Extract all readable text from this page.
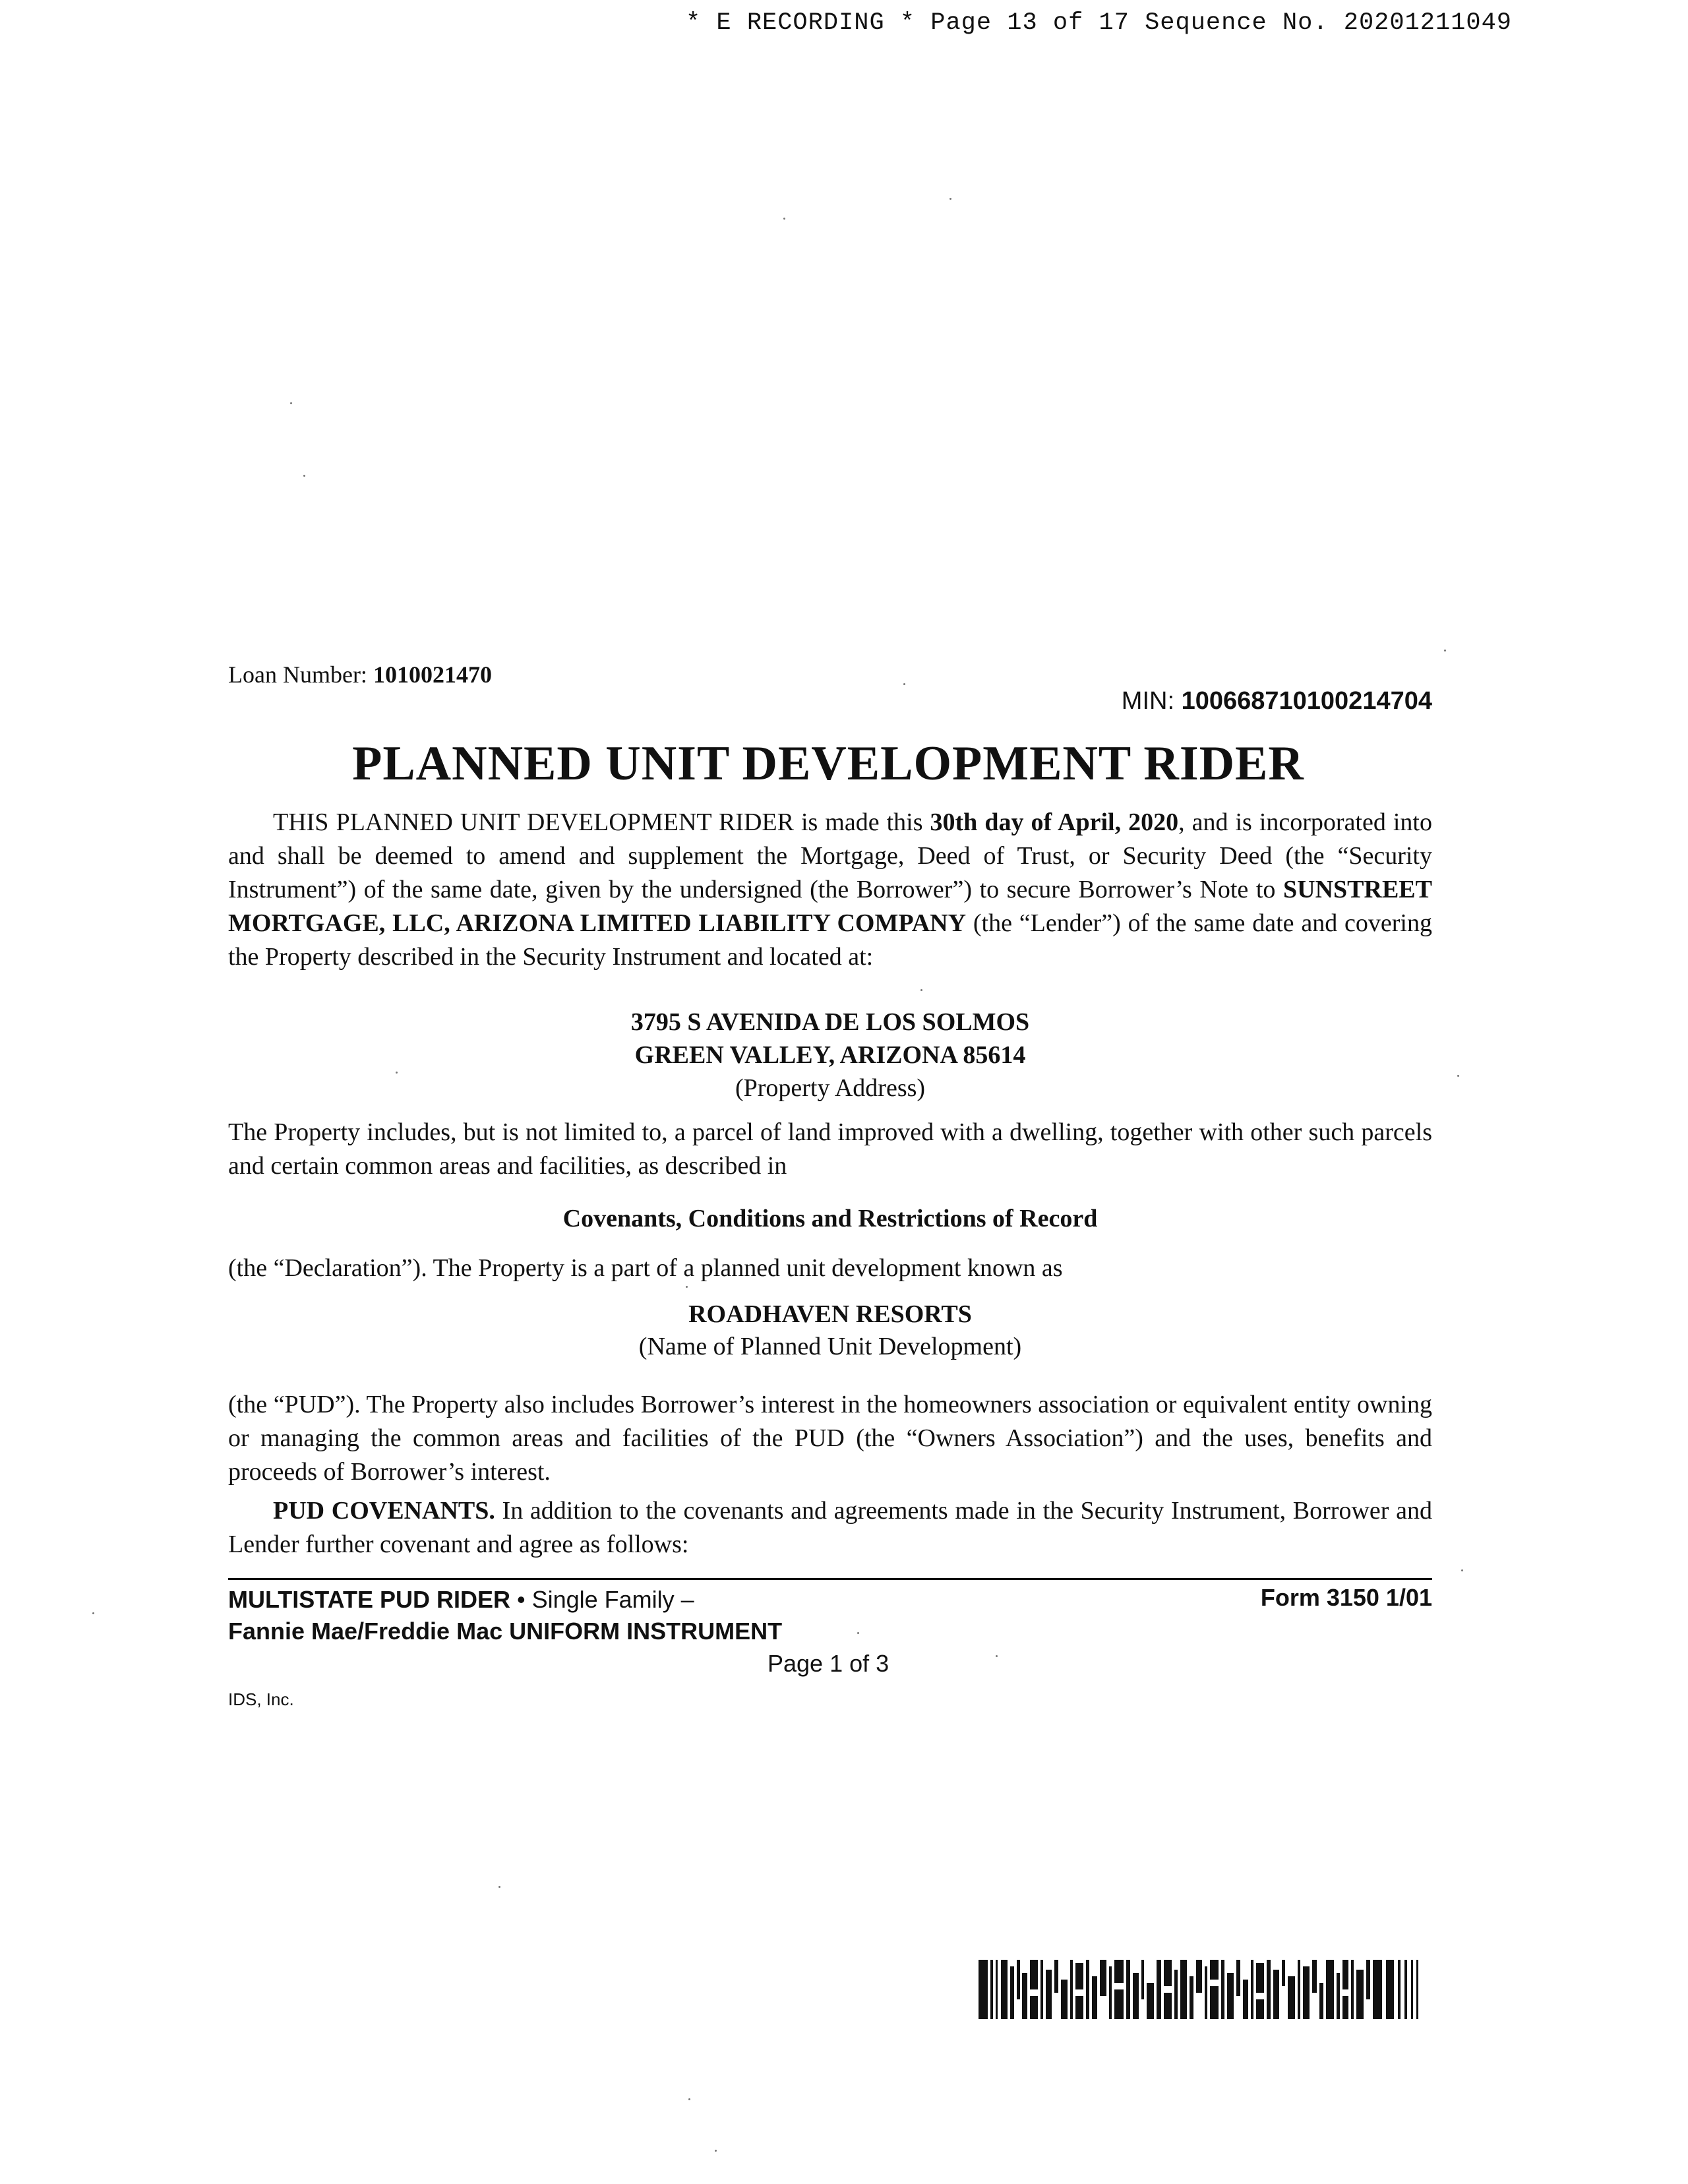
* E RECORDING * Page 13 of 17 Sequence No. 20201211049
Loan Number: 1010021470
MIN: 100668710100214704
PLANNED UNIT DEVELOPMENT RIDER
THIS PLANNED UNIT DEVELOPMENT RIDER is made this 30th day of April, 2020, and is incorporated into and shall be deemed to amend and supplement the Mortgage, Deed of Trust, or Security Deed (the “Security Instrument”) of the same date, given by the undersigned (the Borrower”) to secure Borrower’s Note to SUNSTREET MORTGAGE, LLC, ARIZONA LIMITED LIABILITY COMPANY (the “Lender”) of the same date and covering the Property described in the Security Instrument and located at:
3795 S AVENIDA DE LOS SOLMOS
GREEN VALLEY, ARIZONA 85614
(Property Address)
The Property includes, but is not limited to, a parcel of land improved with a dwelling, together with other such parcels and certain common areas and facilities, as described in
Covenants, Conditions and Restrictions of Record
(the “Declaration”). The Property is a part of a planned unit development known as
ROADHAVEN RESORTS
(Name of Planned Unit Development)
(the “PUD”). The Property also includes Borrower’s interest in the homeowners association or equivalent entity owning or managing the common areas and facilities of the PUD (the “Owners Association”) and the uses, benefits and proceeds of Borrower’s interest.
PUD COVENANTS. In addition to the covenants and agreements made in the Security Instrument, Borrower and Lender further covenant and agree as follows:
MULTISTATE PUD RIDER • Single Family –
Fannie Mae/Freddie Mac UNIFORM INSTRUMENT
Form 3150 1/01
Page 1 of 3
IDS, Inc.
